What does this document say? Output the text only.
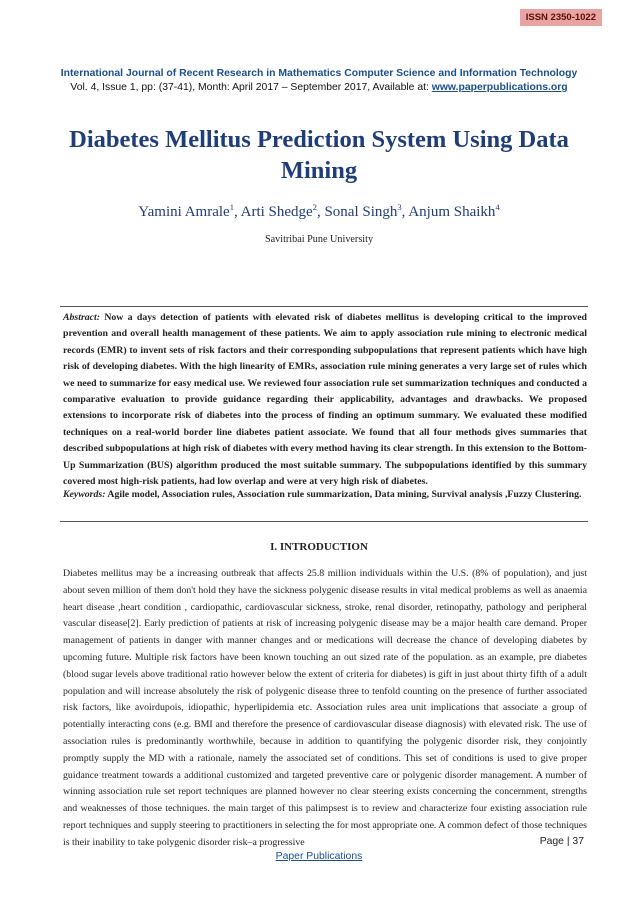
ISSN 2350-1022
International Journal of Recent Research in Mathematics Computer Science and Information Technology
Vol. 4, Issue 1, pp: (37-41), Month: April 2017 – September 2017, Available at: www.paperpublications.org
Diabetes Mellitus Prediction System Using Data Mining
Yamini Amrale$^1$, Arti Shedge$^2$, Sonal Singh$^3$, Anjum Shaikh$^4$
Savitribai Pune University
Abstract: Now a days detection of patients with elevated risk of diabetes mellitus is developing critical to the improved prevention and overall health management of these patients. We aim to apply association rule mining to electronic medical records (EMR) to invent sets of risk factors and their corresponding subpopulations that represent patients which have high risk of developing diabetes. With the high linearity of EMRs, association rule mining generates a very large set of rules which we need to summarize for easy medical use. We reviewed four association rule set summarization techniques and conducted a comparative evaluation to provide guidance regarding their applicability, advantages and drawbacks. We proposed extensions to incorporate risk of diabetes into the process of finding an optimum summary. We evaluated these modified techniques on a real-world border line diabetes patient associate. We found that all four methods gives summaries that described subpopulations at high risk of diabetes with every method having its clear strength. In this extension to the Bottom-Up Summarization (BUS) algorithm produced the most suitable summary. The subpopulations identified by this summary covered most high-risk patients, had low overlap and were at very high risk of diabetes.
Keywords: Agile model, Association rules, Association rule summarization, Data mining, Survival analysis ,Fuzzy Clustering.
I. INTRODUCTION
Diabetes mellitus may be a increasing outbreak that affects 25.8 million individuals within the U.S. (8% of population), and just about seven million of them don't hold they have the sickness polygenic disease results in vital medical problems as well as anaemia heart disease ,heart condition , cardiopathic, cardiovascular sickness, stroke, renal disorder, retinopathy, pathology and peripheral vascular disease[2]. Early prediction of patients at risk of increasing polygenic disease may be a major health care demand. Proper management of patients in danger with manner changes and or medications will decrease the chance of developing diabetes by upcoming future. Multiple risk factors have been known touching an out sized rate of the population. as an example, pre diabetes (blood sugar levels above traditional ratio however below the extent of criteria for diabetes) is gift in just about thirty fifth of a adult population and will increase absolutely the risk of polygenic disease three to tenfold counting on the presence of further associated risk factors, like avoirdupois, idiopathic, hyperlipidemia etc. Association rules area unit implications that associate a group of potentially interacting cons (e.g. BMI and therefore the presence of cardiovascular disease diagnosis) with elevated risk. The use of association rules is predominantly worthwhile, because in addition to quantifying the polygenic disorder risk, they conjointly promptly supply the MD with a rationale, namely the associated set of conditions. This set of conditions is used to give proper guidance treatment towards a additional customized and targeted preventive care or polygenic disorder management. A number of winning association rule set report techniques are planned however no clear steering exists concerning the concernment, strengths and weaknesses of those techniques. the main target of this palimpsest is to review and characterize four existing association rule report techniques and supply steering to practitioners in selecting the for most appropriate one. A common defect of those techniques is their inability to take polygenic disorder risk–a progressive	Page | 37
Paper Publications
